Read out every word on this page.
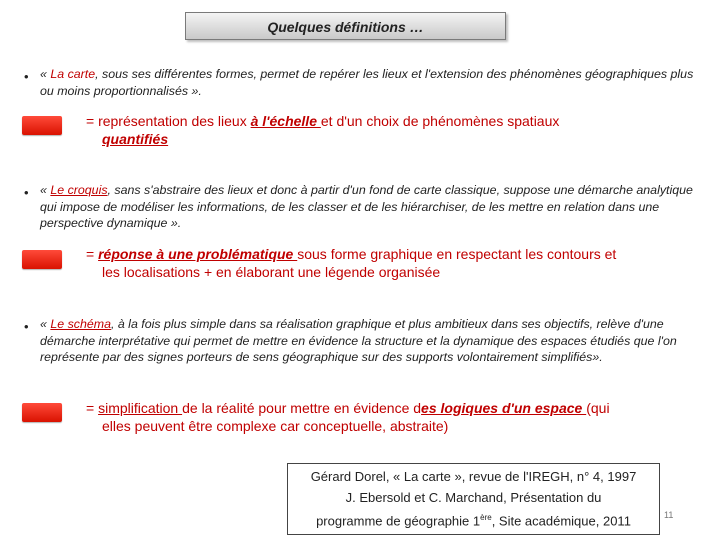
Quelques définitions …
• « La carte, sous ses différentes formes, permet de repérer les lieux et l'extension des phénomènes géographiques plus ou moins proportionnalisés ».
= représentation des lieux à l'échelle et d'un choix de phénomènes spatiaux
quantifiés
• « Le croquis, sans s'abstraire des lieux et donc à partir d'un fond de carte classique, suppose une démarche analytique qui impose de modéliser les informations, de les classer et de les hiérarchiser, de les mettre en relation dans une perspective dynamique ».
= réponse à une problématique sous forme graphique en respectant les contours et
les localisations + en élaborant une légende organisée
• « Le schéma, à la fois plus simple dans sa réalisation graphique et plus ambitieux dans ses objectifs, relève d'une démarche interprétative qui permet de mettre en évidence la structure et la dynamique des espaces étudiés que l'on représente par des signes porteurs de sens géographique sur des supports volontairement simplifiés».
= simplification de la réalité pour mettre en évidence des logiques d'un espace (qui
elles peuvent être complexe car conceptuelle, abstraite)
Gérard Dorel, « La carte », revue de l'IREGH, n° 4, 1997
J. Ebersold et C. Marchand, Présentation du
programme de géographie 1ère, Site académique, 2011	11
